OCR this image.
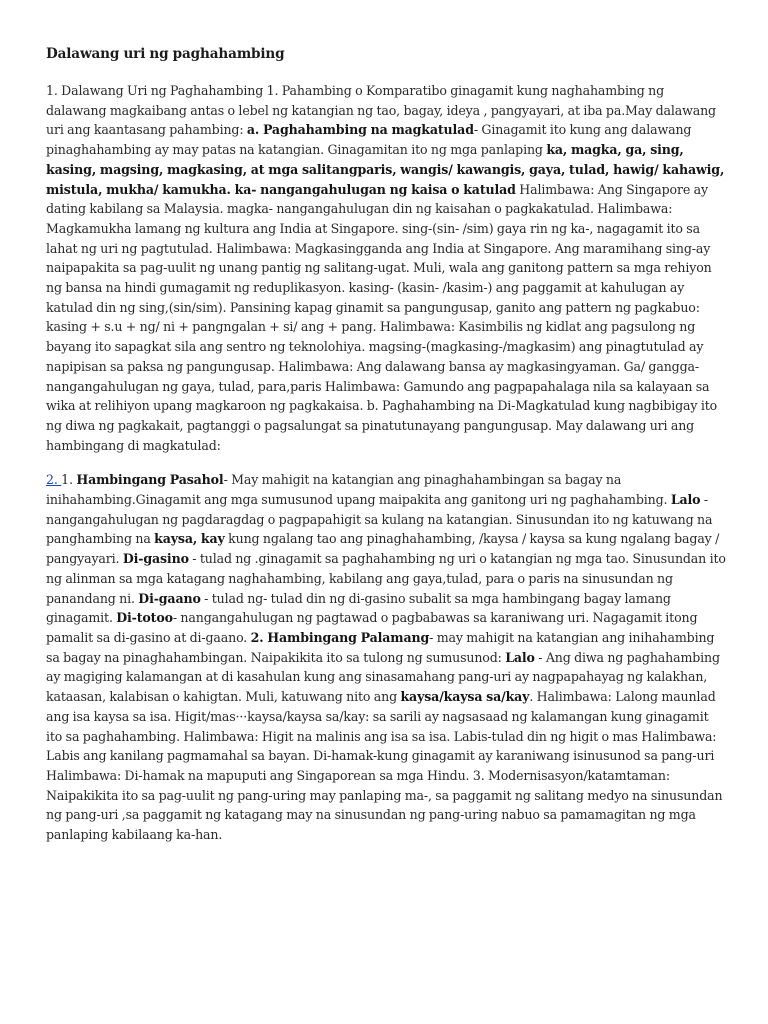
Dalawang uri ng paghahambing

1. Dalawang Uri ng Paghahambing 1. Pahambing o Komparatibo ginagamit kung naghahambing ng dalawang magkaibang antas o lebel ng katangian ng tao, bagay, ideya , pangyayari, at iba pa.May dalawang uri ang kaantasang pahambing: a. Paghahambing na magkatulad- Ginagamit ito kung ang dalawang pinaghahambing ay may patas na katangian. Ginagamitan ito ng mga panlaping ka, magka, ga, sing, kasing, magsing, magkasing, at mga salitangparis, wangis/ kawangis, gaya, tulad, hawig/ kahawig, mistula, mukha/ kamukha. ka- nangangahulugan ng kaisa o katulad Halimbawa: Ang Singapore ay dating kabilang sa Malaysia. magka- nangangahulugan din ng kaisahan o pagkakatulad. Halimbawa: Magkamukha lamang ng kultura ang India at Singapore. sing-(sin- /sim) gaya rin ng ka-, nagagamit ito sa lahat ng uri ng pagtutulad. Halimbawa: Magkasingganda ang India at Singapore. Ang maramihang sing-ay naipapakita sa pag-uulit ng unang pantig ng salitang-ugat. Muli, wala ang ganitong pattern sa mga rehiyon ng bansa na hindi gumagamit ng reduplikasyon. kasing- (kasin- /kasim-) ang paggamit at kahulugan ay katulad din ng sing,(sin/sim). Pansining kapag ginamit sa pangungusap, ganito ang pattern ng pagkabuo: kasing + s.u + ng/ ni + pangngalan + si/ ang + pang. Halimbawa: Kasimbilis ng kidlat ang pagsulong ng bayang ito sapagkat sila ang sentro ng teknolohiya. magsing-(magkasing-/magkasim) ang pinagtutulad ay napipisan sa paksa ng pangungusap. Halimbawa: Ang dalawang bansa ay magkasingyaman. Ga/ gangga- nangangahulugan ng gaya, tulad, para,paris Halimbawa: Gamundo ang pagpapahalaga nila sa kalayaan sa wika at relihiyon upang magkaroon ng pagkakaisa. b. Paghahambing na Di-Magkatulad kung nagbibigay ito ng diwa ng pagkakait, pagtanggi o pagsalungat sa pinatutunayang pangungusap. May dalawang uri ang hambingang di magkatulad:

2. 1. Hambingang Pasahol- May mahigit na katangian ang pinaghahambingan sa bagay na inihahambing.Ginagamit ang mga sumusunod upang maipakita ang ganitong uri ng paghahambing. Lalo - nangangahulugan ng pagdaragdag o pagpapahigit sa kulang na katangian. Sinusundan ito ng katuwang na panghambing na kaysa, kay kung ngalang tao ang pinaghahambing, /kaysa / kaysa sa kung ngalang bagay / pangyayari. Di-gasino - tulad ng .ginagamit sa paghahambing ng uri o katangian ng mga tao. Sinusundan ito ng alinman sa mga katagang naghahambing, kabilang ang gaya,tulad, para o paris na sinusundan ng panandang ni. Di-gaano - tulad ng- tulad din ng di-gasino subalit sa mga hambingang bagay lamang ginagamit. Di-totoo- nangangahulugan ng pagtawad o pagbabawas sa karaniwang uri. Nagagamit itong pamalit sa di-gasino at di-gaano. 2. Hambingang Palamang- may mahigit na katangian ang inihahambing sa bagay na pinaghahambingan. Naipakikita ito sa tulong ng sumusunod: Lalo - Ang diwa ng paghahambing ay magiging kalamangan at di kasahulan kung ang sinasamahang pang-uri ay nagpapahayag ng kalakhan, kataasan, kalabisan o kahigtan. Muli, katuwang nito ang kaysa/kaysa sa/kay. Halimbawa: Lalong maunlad ang isa kaysa sa isa. Higit/mas···kaysa/kaysa sa/kay: sa sarili ay nagsasaad ng kalamangan kung ginagamit ito sa paghahambing. Halimbawa: Higit na malinis ang isa sa isa. Labis-tulad din ng higit o mas Halimbawa: Labis ang kanilang pagmamahal sa bayan. Di-hamak-kung ginagamit ay karaniwang isinusunod sa pang-uri Halimbawa: Di-hamak na mapuputi ang Singaporean sa mga Hindu. 3. Modernisasyon/katamtaman: Naipakikita ito sa pag-uulit ng pang-uring may panlaping ma-, sa paggamit ng salitang medyo na sinusundan ng pang-uri ,sa paggamit ng katagang may na sinusundan ng pang-uring nabuo sa pamamagitan ng mga panlaping kabilaang ka-han.
